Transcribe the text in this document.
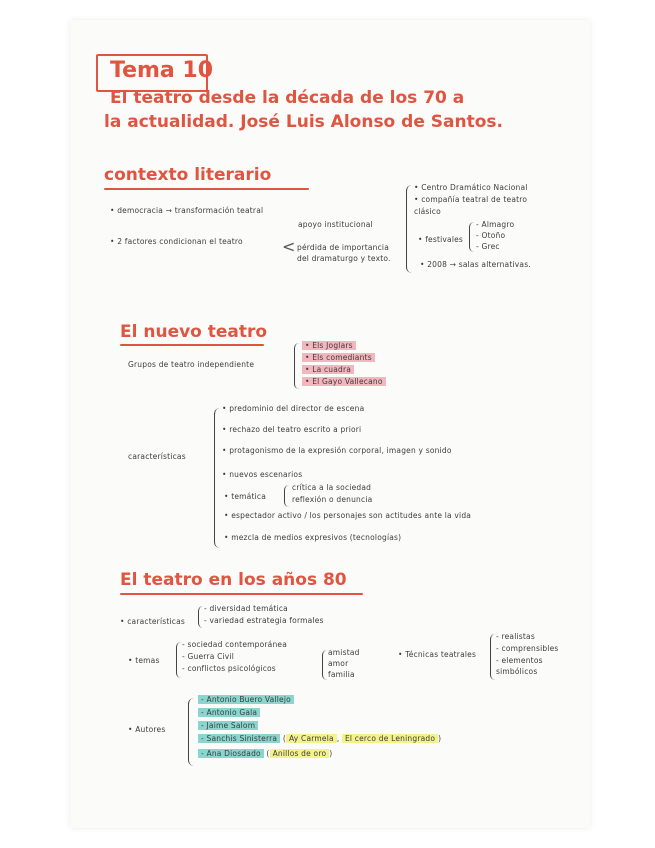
Tema 10
El teatro desde la década de los 70 a
la actualidad. José Luis Alonso de Santos.
contexto literario
• democracia → transformación teatral
• 2 factores condicionan el teatro <
apoyo institucional
pérdida de importancia
del dramaturgo y texto.
• Centro Dramático Nacional
• compañía teatral de teatro
clásico
• festivales
- Almagro
- Otoño
- Grec
• 2008 → salas alternativas.
El nuevo teatro
Grupos de teatro independiente
• Els Joglars
• Els comediants
• La cuadra
• El Gayo Vallecano
características
• predominio del director de escena
• rechazo del teatro escrito a priori
• protagonismo de la expresión corporal, imagen y sonido
• nuevos escenarios
• temática
crítica a la sociedad
reflexión o denuncia
• espectador activo / los personajes son actitudes ante la vida
• mezcla de medios expresivos (tecnologías)
El teatro en los años 80
• características
- diversidad temática
- variedad estrategia formales
• temas
- sociedad contemporánea
- Guerra Civil
- conflictos psicológicos
amistad
amor
familia
• Técnicas teatrales
- realistas
- comprensibles
- elementos
simbólicos
• Autores
- Antonio Buero Vallejo
- Antonio Gala
- Jaime Salom
- Sanchis Sinisterra ( Ay Carmela , El cerco de Leningrado )
- Ana Diosdado ( Anillos de oro )
